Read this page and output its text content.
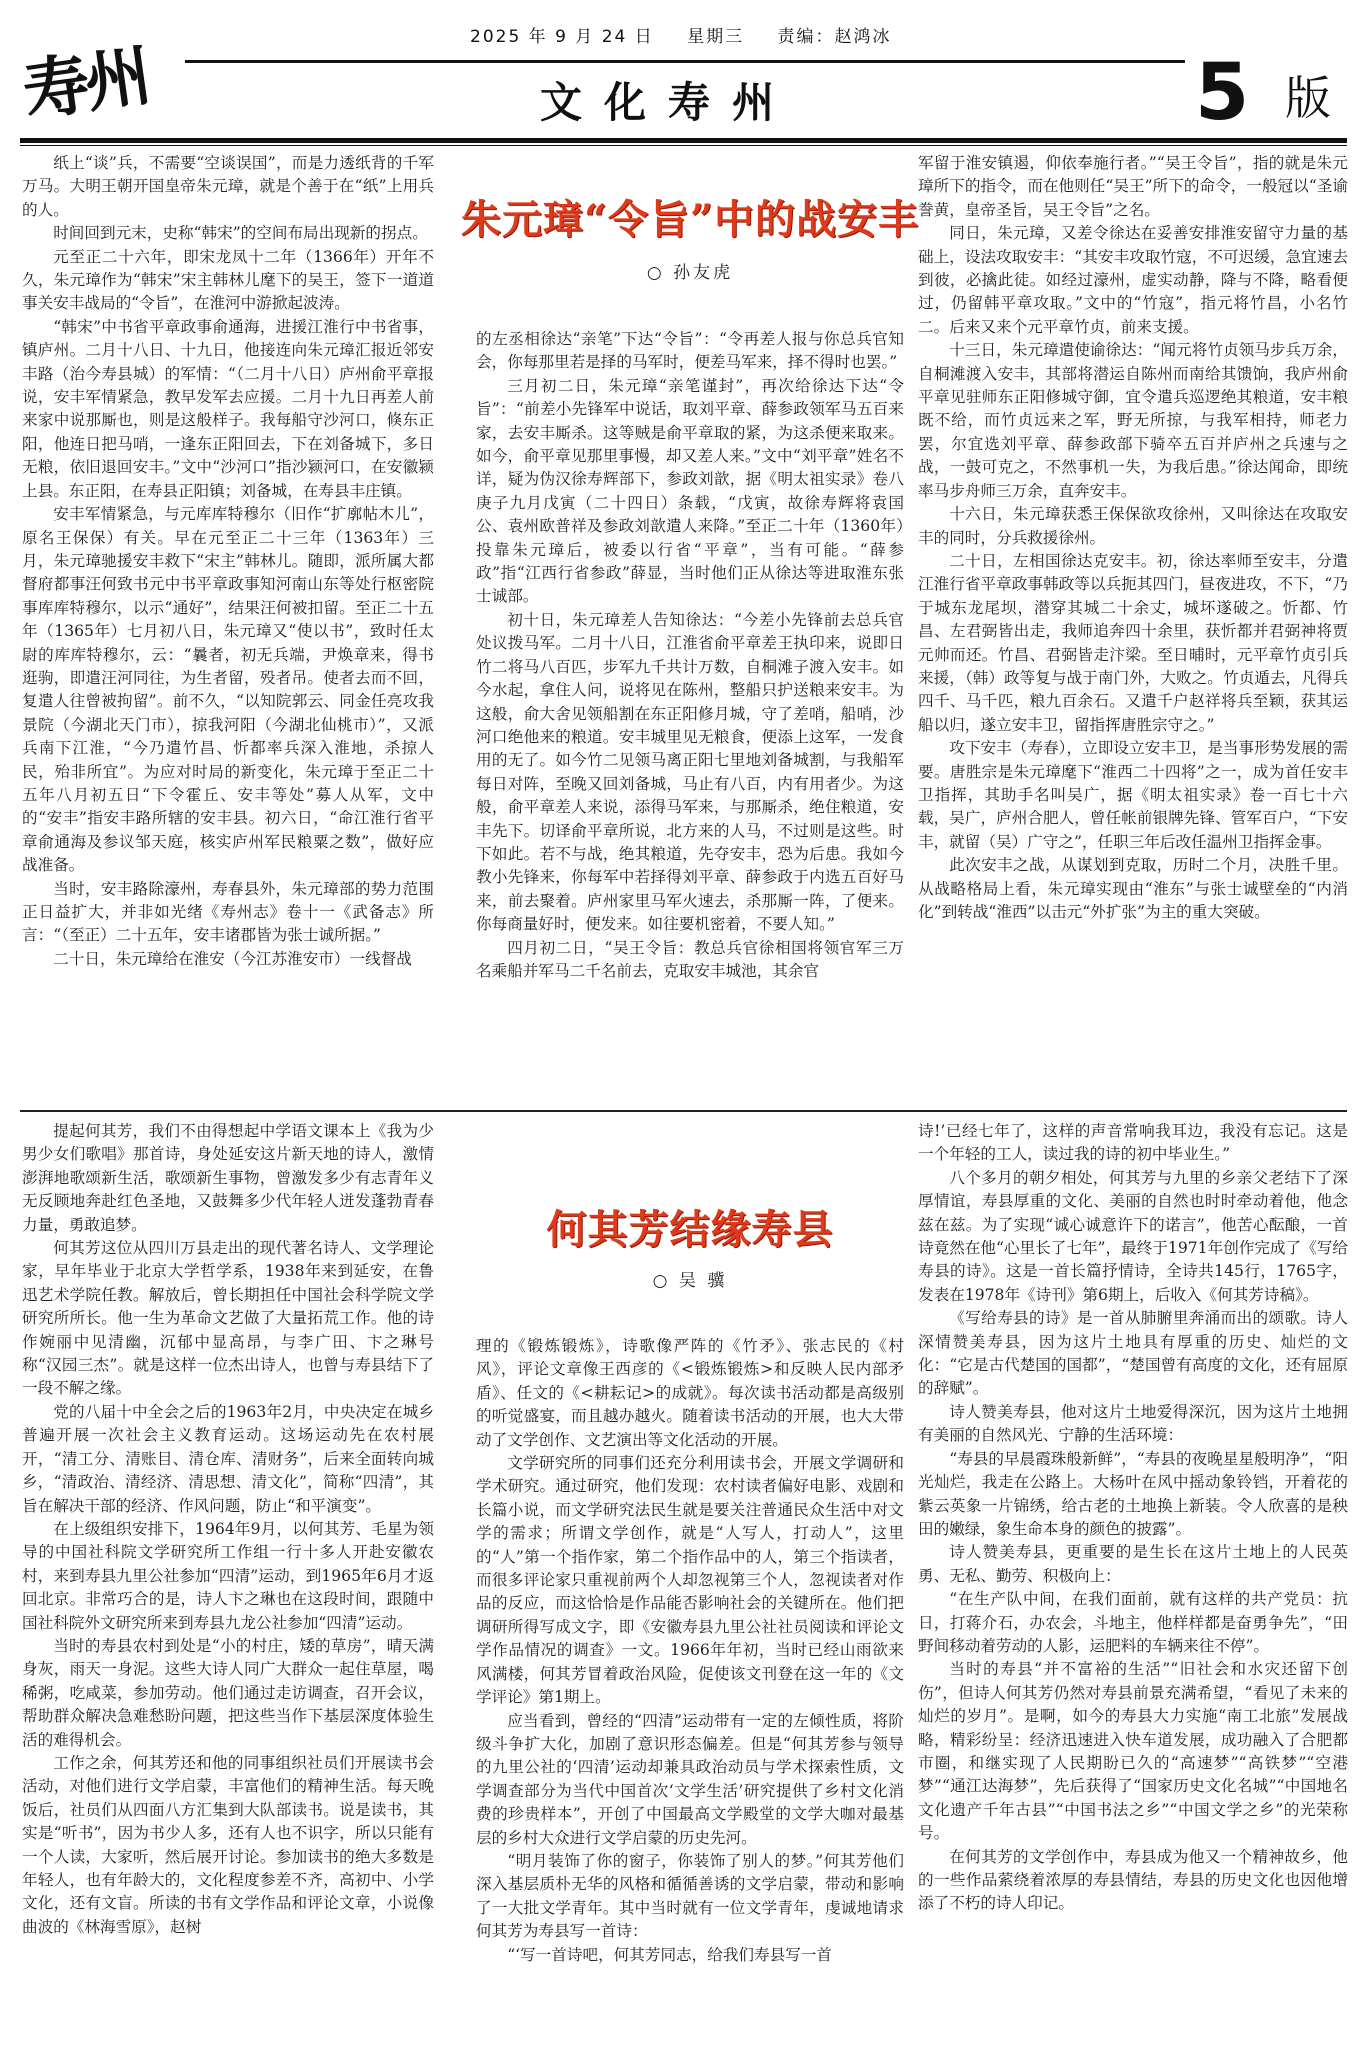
寿州	2025 年 9 月 24 日 星期三 责编：赵鸿冰
文化寿州	5 版

纸上“谈”兵，不需要“空谈误国”，而是力透纸背的千军万马。大明王朝开国皇帝朱元璋，就是个善于在“纸”上用兵的人。

时间回到元末，史称“韩宋”的空间布局出现新的拐点。

元至正二十六年，即宋龙凤十二年（1366年）开年不久，朱元璋作为“韩宋”宋主韩林儿麾下的吴王，签下一道道事关安丰战局的“令旨”，在淮河中游掀起波涛。

“韩宋”中书省平章政事俞通海，进援江淮行中书省事，镇庐州。二月十八日、十九日，他接连向朱元璋汇报近邻安丰路（治今寿县城）的军情：“（二月十八日）庐州俞平章报说，安丰军情紧急，教早发军去应援。二月十九日再差人前来家中说那厮也，则是这般样子。我每船守沙河口，倏东正阳，他连日把马哨，一逢东正阳回去，下在刘备城下，多日无粮，依旧退回安丰。”文中“沙河口”指沙颍河口，在安徽颍上县。东正阳，在寿县正阳镇；刘备城，在寿县丰庄镇。

安丰军情紧急，与元库库特穆尔（旧作“扩廓帖木儿”，原名王保保）有关。早在元至正二十三年（1363年）三月，朱元璋驰援安丰救下“宋主”韩林儿。随即，派所属大都督府都事汪何致书元中书平章政事知河南山东等处行枢密院事库库特穆尔，以示“通好”，结果汪何被扣留。至正二十五年（1365年）七月初八日，朱元璋又“使以书”，致时任太尉的库库特穆尔，云：“曩者，初无兵端，尹焕章来，得书逛驹，即遣汪河同往，为生者留，殁者吊。使者去而不回，复遣人往曾被拘留”。前不久，“以知院郭云、同金任亮攻我景院（今湖北天门市），掠我河阳（今湖北仙桃市）”，又派兵南下江淮，“今乃遣竹昌、忻都率兵深入淮地，杀掠人民，殆非所宜”。为应对时局的新变化，朱元璋于至正二十五年八月初五日“下令霍丘、安丰等处”募人从军，文中的“安丰”指安丰路所辖的安丰县。初六日，“命江淮行省平章俞通海及参议邹天庭，核实庐州军民粮粟之数”，做好应战准备。

当时，安丰路除濠州，寿春县外，朱元璋部的势力范围正日益扩大，并非如光绪《寿州志》卷十一《武备志》所言：“（至正）二十五年，安丰诸郡皆为张士诚所据。”

二十日，朱元璋给在淮安（今江苏淮安市）一线督战

朱元璋“令旨”中的战安丰
○ 孙友虎

的左丞相徐达“亲笔”下达“令旨”：“令再差人报与你总兵官知会，你每那里若是择的马军时，便差马军来，择不得时也罢。”

三月初二日，朱元璋“亲笔谨封”，再次给徐达下达“令旨”：“前差小先锋军中说话，取刘平章、薛参政领军马五百来家，去安丰厮杀。这等贼是俞平章取的紧，为这杀便来取来。如今，俞平章见那里事慢，却又差人来。”文中“刘平章”姓名不详，疑为伪汉徐寿辉部下，参政刘歆，据《明太祖实录》卷八庚子九月戊寅（二十四日）条载，“戊寅，故徐寿辉将袁国公、袁州欧普祥及参政刘歆遣人来降。”至正二十年（1360年）投靠朱元璋后，被委以行省“平章”，当有可能。“薛参政”指“江西行省参政”薛显，当时他们正从徐达等进取淮东张士诚部。

初十日，朱元璋差人告知徐达：“今差小先锋前去总兵官处议拨马军。二月十八日，江淮省俞平章差王执印来，说即日竹二将马八百匹，步军九千共计万数，自桐滩子渡入安丰。如今水起，拿住人问，说将见在陈州，整船只护送粮来安丰。为这般，俞大舍见领船割在东正阳修月城，守了差哨，船哨，沙河口绝他来的粮道。安丰城里见无粮食，便添上这军，一发食用的无了。如今竹二见领马离正阳七里地刘备城割，与我船军每日对阵，至晚又回刘备城，马止有八百，内有用者少。为这般，俞平章差人来说，添得马军来，与那厮杀，绝住粮道，安丰先下。切译俞平章所说，北方来的人马，不过则是这些。时下如此。若不与战，绝其粮道，先夺安丰，恐为后患。我如今教小先锋来，你每军中若择得刘平章、薛参政于内选五百好马来，前去聚着。庐州家里马军火速去，杀那厮一阵，了便来。你每商量好时，便发来。如往要机密着，不要人知。”

四月初二日，“吴王令旨：教总兵官徐相国将领官军三万名乘船并军马二千名前去，克取安丰城池，其余官

军留于淮安镇遏，仰依奉施行者。”“吴王令旨”，指的就是朱元璋所下的指令，而在他则任“吴王”所下的命令，一般冠以“圣谕誊黄，皇帝圣旨，吴王令旨”之名。

同日，朱元璋，又差令徐达在妥善安排淮安留守力量的基础上，设法攻取安丰：“其安丰攻取竹寇，不可迟缓，急宜速去到彼，必擒此徒。如经过濠州，虚实动静，降与不降，略看便过，仍留韩平章攻取。”文中的“竹寇”，指元将竹昌，小名竹二。后来又来个元平章竹贞，前来支援。

十三日，朱元璋遣使谕徐达：“闻元将竹贞领马步兵万余，自桐滩渡入安丰，其部将潜运自陈州而南给其馈饷，我庐州俞平章见驻师东正阳修城守御，宜令遣兵巡逻绝其粮道，安丰粮既不给，而竹贞远来之军，野无所掠，与我军相持，师老力罢，尔宜选刘平章、薛参政部下骑卒五百并庐州之兵速与之战，一鼓可克之，不然事机一失，为我后患。”徐达闻命，即统率马步舟师三万余，直奔安丰。

十六日，朱元璋获悉王保保欲攻徐州，又叫徐达在攻取安丰的同时，分兵救援徐州。

二十日，左相国徐达克安丰。初，徐达率师至安丰，分遣江淮行省平章政事韩政等以兵扼其四门，昼夜进攻，不下，“乃于城东龙尾坝，潜穿其城二十余丈，城坏遂破之。忻都、竹昌、左君弼皆出走，我师追奔四十余里，获忻都并君弼神将贾元帅而还。竹昌、君弼皆走汴梁。至日晡时，元平章竹贞引兵来援，（韩）政等复与战于南门外，大败之。竹贞遁去，凡得兵四千、马千匹，粮九百余石。又遣千户赵祥将兵至颖，获其运船以归，遂立安丰卫，留指挥唐胜宗守之。”

攻下安丰（寿春），立即设立安丰卫，是当事形势发展的需要。唐胜宗是朱元璋麾下“淮西二十四将”之一，成为首任安丰卫指挥，其助手名叫吴广，据《明太祖实录》卷一百七十六载，吴广，庐州合肥人，曾任帐前银牌先锋、管军百户，“下安丰，就留（吴）广守之”，任职三年后改任温州卫指挥金事。

此次安丰之战，从谋划到克取，历时二个月，决胜千里。从战略格局上看，朱元璋实现由“淮东”与张士诚壁垒的“内消化”到转战“淮西”以击元“外扩张”为主的重大突破。

提起何其芳，我们不由得想起中学语文课本上《我为少男少女们歌唱》那首诗，身处延安这片新天地的诗人，激情澎湃地歌颂新生活，歌颂新生事物，曾激发多少有志青年义无反顾地奔赴红色圣地，又鼓舞多少代年轻人迸发蓬勃青春力量，勇敢追梦。

何其芳这位从四川万县走出的现代著名诗人、文学理论家，早年毕业于北京大学哲学系，1938年来到延安，在鲁迅艺术学院任教。解放后，曾长期担任中国社会科学院文学研究所所长。他一生为革命文艺做了大量拓荒工作。他的诗作婉丽中见清幽，沉郁中显高昂，与李广田、卞之琳号称“汉园三杰”。就是这样一位杰出诗人，也曾与寿县结下了一段不解之缘。

党的八届十中全会之后的1963年2月，中央决定在城乡普遍开展一次社会主义教育运动。这场运动先在农村展开，“清工分、清账目、清仓库、清财务”，后来全面转向城乡，“清政治、清经济、清思想、清文化”，简称“四清”，其旨在解决干部的经济、作风问题，防止“和平演变”。

在上级组织安排下，1964年9月，以何其芳、毛星为领导的中国社科院文学研究所工作组一行十多人开赴安徽农村，来到寿县九里公社参加“四清”运动，到1965年6月才返回北京。非常巧合的是，诗人卞之琳也在这段时间，跟随中国社科院外文研究所来到寿县九龙公社参加“四清”运动。

当时的寿县农村到处是“小的村庄，矮的草房”，晴天满身灰，雨天一身泥。这些大诗人同广大群众一起住草屋，喝稀粥，吃咸菜，参加劳动。他们通过走访调查，召开会议，帮助群众解决急难愁盼问题，把这些当作下基层深度体验生活的难得机会。

工作之余，何其芳还和他的同事组织社员们开展读书会活动，对他们进行文学启蒙，丰富他们的精神生活。每天晚饭后，社员们从四面八方汇集到大队部读书。说是读书，其实是“听书”，因为书少人多，还有人也不识字，所以只能有一个人读，大家听，然后展开讨论。参加读书的绝大多数是年轻人，也有年龄大的，文化程度参差不齐，高初中、小学文化，还有文盲。所读的书有文学作品和评论文章，小说像曲波的《林海雪原》，赵树

何其芳结缘寿县
○ 吴 骥

理的《锻炼锻炼》，诗歌像严阵的《竹矛》、张志民的《村风》，评论文章像王西彦的《<锻炼锻炼>和反映人民内部矛盾》、任文的《<耕耘记>的成就》。每次读书活动都是高级别的听觉盛宴，而且越办越火。随着读书活动的开展，也大大带动了文学创作、文艺演出等文化活动的开展。

文学研究所的同事们还充分利用读书会，开展文学调研和学术研究。通过研究，他们发现：农村读者偏好电影、戏剧和长篇小说，而文学研究法民生就是要关注普通民众生活中对文学的需求；所谓文学创作，就是“人写人，打动人”，这里的“人”第一个指作家，第二个指作品中的人，第三个指读者，而很多评论家只重视前两个人却忽视第三个人，忽视读者对作品的反应，而这恰恰是作品能否影响社会的关键所在。他们把调研所得写成文字，即《安徽寿县九里公社社员阅读和评论文学作品情况的调查》一文。1966年年初，当时已经山雨欲来风满楼，何其芳冒着政治风险，促使该文刊登在这一年的《文学评论》第1期上。

应当看到，曾经的“四清”运动带有一定的左倾性质，将阶级斗争扩大化，加剧了意识形态偏差。但是“何其芳参与领导的九里公社的‘四清’运动却兼具政治动员与学术探索性质，文学调查部分为当代中国首次‘文学生活’研究提供了乡村文化消费的珍贵样本”，开创了中国最高文学殿堂的文学大咖对最基层的乡村大众进行文学启蒙的历史先河。

“明月装饰了你的窗子，你装饰了别人的梦。”何其芳他们深入基层质朴无华的风格和循循善诱的文学启蒙，带动和影响了一大批文学青年。其中当时就有一位文学青年，虔诚地请求何其芳为寿县写一首诗：

“‘写一首诗吧，何其芳同志，给我们寿县写一首

诗!’已经七年了，这样的声音常响我耳边，我没有忘记。这是一个年轻的工人，读过我的诗的初中毕业生。”

八个多月的朝夕相处，何其芳与九里的乡亲父老结下了深厚情谊，寿县厚重的文化、美丽的自然也时时牵动着他，他念兹在兹。为了实现“诚心诚意许下的诺言”，他苦心酝酿，一首诗竟然在他“心里长了七年”，最终于1971年创作完成了《写给寿县的诗》。这是一首长篇抒情诗，全诗共145行，1765字，发表在1978年《诗刊》第6期上，后收入《何其芳诗稿》。

《写给寿县的诗》是一首从肺腑里奔涌而出的颂歌。诗人深情赞美寿县，因为这片土地具有厚重的历史、灿烂的文化：“它是古代楚国的国都”，“楚国曾有高度的文化，还有屈原的辞赋”。

诗人赞美寿县，他对这片土地爱得深沉，因为这片土地拥有美丽的自然风光、宁静的生活环境：

“寿县的早晨霞珠般新鲜”，“寿县的夜晚星星般明净”，“阳光灿烂，我走在公路上。大杨叶在风中摇动象铃铛，开着花的紫云英象一片锦绣，给古老的土地换上新装。令人欣喜的是秧田的嫩绿，象生命本身的颜色的披露”。

诗人赞美寿县，更重要的是生长在这片土地上的人民英勇、无私、勤劳、积极向上：

“在生产队中间，在我们面前，就有这样的共产党员：抗日，打蒋介石，办农会，斗地主，他样样都是奋勇争先”，“田野间移动着劳动的人影，运肥料的车辆来往不停”。

当时的寿县“并不富裕的生活”“旧社会和水灾还留下创伤”，但诗人何其芳仍然对寿县前景充满希望，“看见了未来的灿烂的岁月”。是啊，如今的寿县大力实施“南工北旅”发展战略，精彩纷呈：经济迅速进入快车道发展，成功融入了合肥都市圈，和继实现了人民期盼已久的“高速梦”“高铁梦”“空港梦”“通江达海梦”，先后获得了“国家历史文化名城”“中国地名文化遗产千年古县”“中国书法之乡”“中国文学之乡”的光荣称号。

在何其芳的文学创作中，寿县成为他又一个精神故乡，他的一些作品萦绕着浓厚的寿县情结，寿县的历史文化也因他增添了不朽的诗人印记。
